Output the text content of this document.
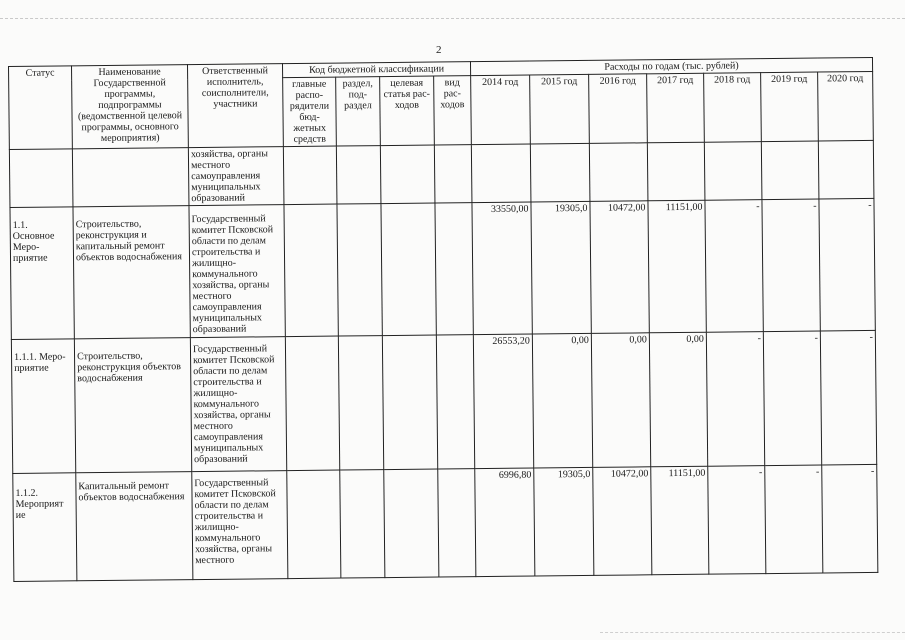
2
Статус	Наименование Государственной программы, подпрограммы (ведомственной целевой программы, основного мероприятия)	Ответственный исполнитель, соисполнители, участники	Код бюджетной классификации				Расходы по годам (тыс. рублей)						
			главные распо-рядители бюд-жетных средств	раздел, под-раздел	целевая статья рас-ходов	вид рас-ходов	2014 год	2015 год	2016 год	2017 год	2018 год	2019 год	2020 год
		хозяйства, органы местного самоуправления муниципальных образований											
1.1. Основное Меро-приятие	Строительство, реконструкция и капитальный ремонт объектов водоснабжения	Государственный комитет Псковской области по делам строительства и жилищно-коммунального хозяйства, органы местного самоуправления муниципальных образований					33550,00	19305,0	10472,00	11151,00	-	-	-
1.1.1. Меро-приятие	Строительство, реконструкция объектов водоснабжения	Государственный комитет Псковской области по делам строительства и жилищно-коммунального хозяйства, органы местного самоуправления муниципальных образований					26553,20	0,00	0,00	0,00	-	-	-
1.1.2. Мероприят ие	Капитальный ремонт объектов водоснабжения	Государственный комитет Псковской области по делам строительства и жилищно-коммунального хозяйства, органы местного					6996,80	19305,0	10472,00	11151,00	-	-	-
